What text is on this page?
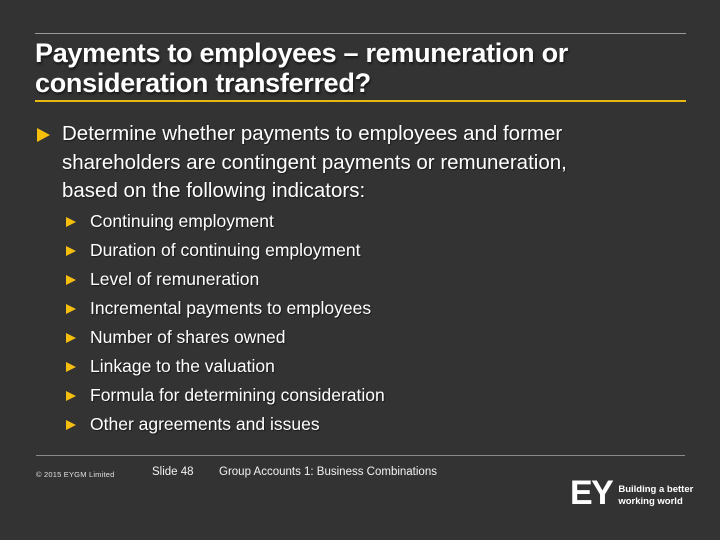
Payments to employees – remuneration or
consideration transferred?
Determine whether payments to employees and former
shareholders are contingent payments or remuneration,
based on the following indicators:
Continuing employment
Duration of continuing employment
Level of remuneration
Incremental payments to employees
Number of shares owned
Linkage to the valuation
Formula for determining consideration
Other agreements and issues
© 2015 EYGM Limited	Slide 48 Group Accounts 1: Business Combinations
EY Building a better
working world
